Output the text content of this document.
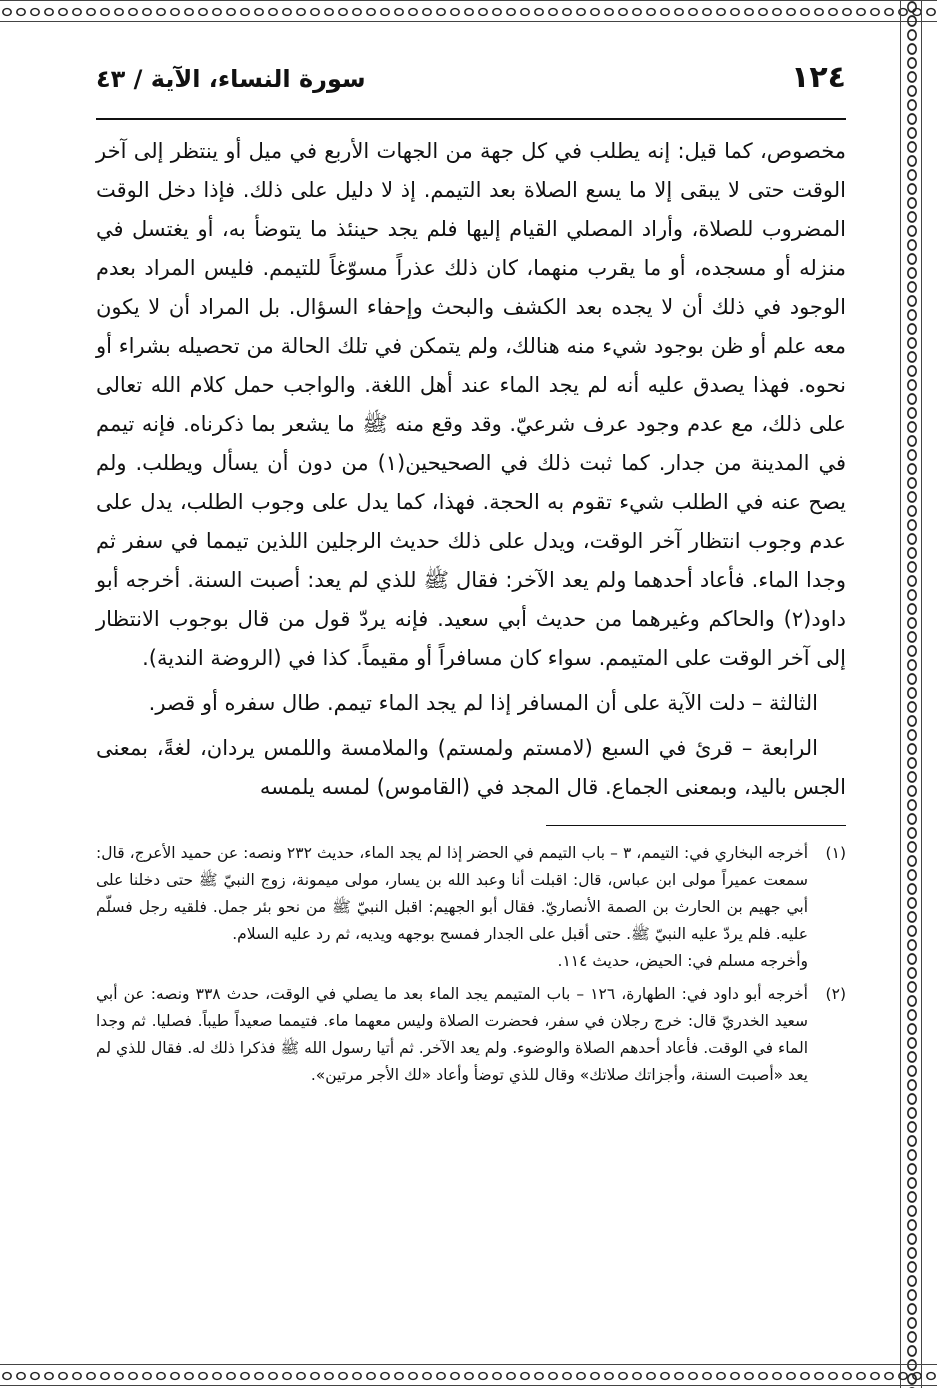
١٢٤
سورة النساء، الآية / ٤٣

مخصوص، كما قيل: إنه يطلب في كل جهة من الجهات الأربع في ميل أو ينتظر إلى آخر الوقت حتى لا يبقى إلا ما يسع الصلاة بعد التيمم. إذ لا دليل على ذلك. فإذا دخل الوقت المضروب للصلاة، وأراد المصلي القيام إليها فلم يجد حينئذ ما يتوضأ به، أو يغتسل في منزله أو مسجده، أو ما يقرب منهما، كان ذلك عذراً مسوّغاً للتيمم. فليس المراد بعدم الوجود في ذلك أن لا يجده بعد الكشف والبحث وإحفاء السؤال. بل المراد أن لا يكون معه علم أو ظن بوجود شيء منه هنالك، ولم يتمكن في تلك الحالة من تحصيله بشراء أو نحوه. فهذا يصدق عليه أنه لم يجد الماء عند أهل اللغة. والواجب حمل كلام الله تعالى على ذلك، مع عدم وجود عرف شرعيّ. وقد وقع منه ﷺ ما يشعر بما ذكرناه. فإنه تيمم في المدينة من جدار. كما ثبت ذلك في الصحيحين(١) من دون أن يسأل ويطلب. ولم يصح عنه في الطلب شيء تقوم به الحجة. فهذا، كما يدل على وجوب الطلب، يدل على عدم وجوب انتظار آخر الوقت، ويدل على ذلك حديث الرجلين اللذين تيمما في سفر ثم وجدا الماء. فأعاد أحدهما ولم يعد الآخر: فقال ﷺ للذي لم يعد: أصبت السنة. أخرجه أبو داود(٢) والحاكم وغيرهما من حديث أبي سعيد. فإنه يردّ قول من قال بوجوب الانتظار إلى آخر الوقت على المتيمم. سواء كان مسافراً أو مقيماً. كذا في (الروضة الندية).

الثالثة – دلت الآية على أن المسافر إذا لم يجد الماء تيمم. طال سفره أو قصر.

الرابعة – قرئ في السبع (لامستم ولمستم) والملامسة واللمس يردان، لغةً، بمعنى الجس باليد، وبمعنى الجماع. قال المجد في (القاموس) لمسه يلمسه

(١)

أخرجه البخاري في: التيمم، ٣ – باب التيمم في الحضر إذا لم يجد الماء، حديث ٢٣٢ ونصه: عن حميد الأعرج، قال: سمعت عميراً مولى ابن عباس، قال: اقبلت أنا وعبد الله بن يسار، مولى ميمونة، زوج النبيّ ﷺ حتى دخلنا على أبي جهيم بن الحارث بن الصمة الأنصاريّ. فقال أبو الجهيم: اقبل النبيّ ﷺ من نحو بئر جمل. فلقيه رجل فسلّم عليه. فلم يردّ عليه النبيّ ﷺ. حتى أقبل على الجدار فمسح بوجهه ويديه، ثم رد عليه السلام.

وأخرجه مسلم في: الحيض، حديث ١١٤.

(٢)

أخرجه أبو داود في: الطهارة، ١٢٦ – باب المتيمم يجد الماء بعد ما يصلي في الوقت، حدث ٣٣٨ ونصه: عن أبي سعيد الخدريّ قال: خرج رجلان في سفر، فحضرت الصلاة وليس معهما ماء. فتيمما صعيداً طيباً. فصليا. ثم وجدا الماء في الوقت. فأعاد أحدهم الصلاة والوضوء. ولم يعد الآخر. ثم أتيا رسول الله ﷺ فذكرا ذلك له. فقال للذي لم يعد «أصبت السنة، وأجزاتك صلاتك» وقال للذي توضأ وأعاد «لك الأجر مرتين».
